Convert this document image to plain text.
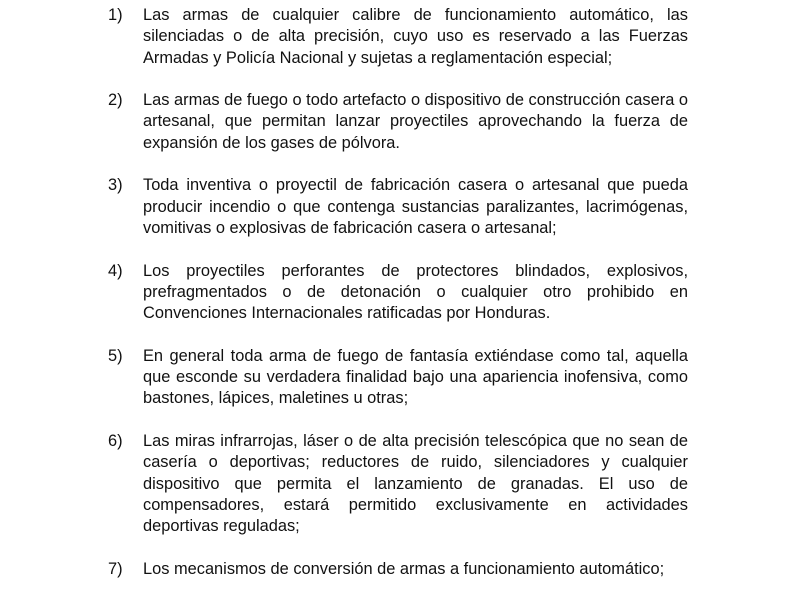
1)	Las armas de cualquier calibre de funcionamiento automático, las silenciadas o de alta precisión, cuyo uso es reservado a las Fuerzas Armadas y Policía Nacional y sujetas a reglamentación especial;
2)	Las armas de fuego o todo artefacto o dispositivo de construcción casera o artesanal, que permitan lanzar proyectiles aprovechando la fuerza de expansión de los gases de pólvora.
3)	Toda inventiva o proyectil de fabricación casera o artesanal que pueda producir incendio o que contenga sustancias paralizantes, lacrimógenas, vomitivas o explosivas de fabricación casera o artesanal;
4)	Los proyectiles perforantes de protectores blindados, explosivos, prefragmentados o de detonación o cualquier otro prohibido en Convenciones Internacionales ratificadas por Honduras.
5)	En general toda arma de fuego de fantasía extiéndase como tal, aquella que esconde su verdadera finalidad bajo una apariencia inofensiva, como bastones, lápices, maletines u otras;
6)	Las miras infrarrojas, láser o de alta precisión telescópica que no sean de casería o deportivas; reductores de ruido, silenciadores y cualquier dispositivo que permita el lanzamiento de granadas. El uso de compensadores, estará permitido exclusivamente en actividades deportivas reguladas;
7)	Los mecanismos de conversión de armas a funcionamiento automático;
